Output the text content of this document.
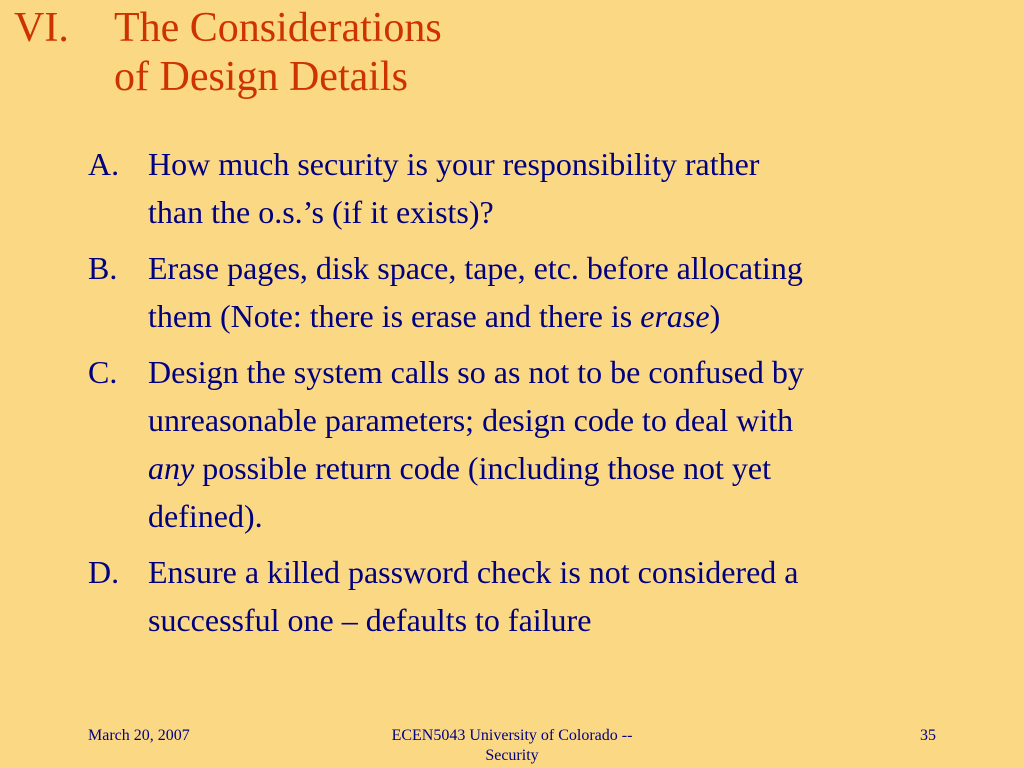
VI. The Considerations
of Design Details
A. How much security is your responsibility rather
than the o.s.’s (if it exists)?
B. Erase pages, disk space, tape, etc. before allocating
them (Note: there is erase and there is erase)
C. Design the system calls so as not to be confused by
unreasonable parameters; design code to deal with
any possible return code (including those not yet
defined).
D. Ensure a killed password check is not considered a
successful one – defaults to failure
March 20, 2007	ECEN5043 University of Colorado --
Security
35
